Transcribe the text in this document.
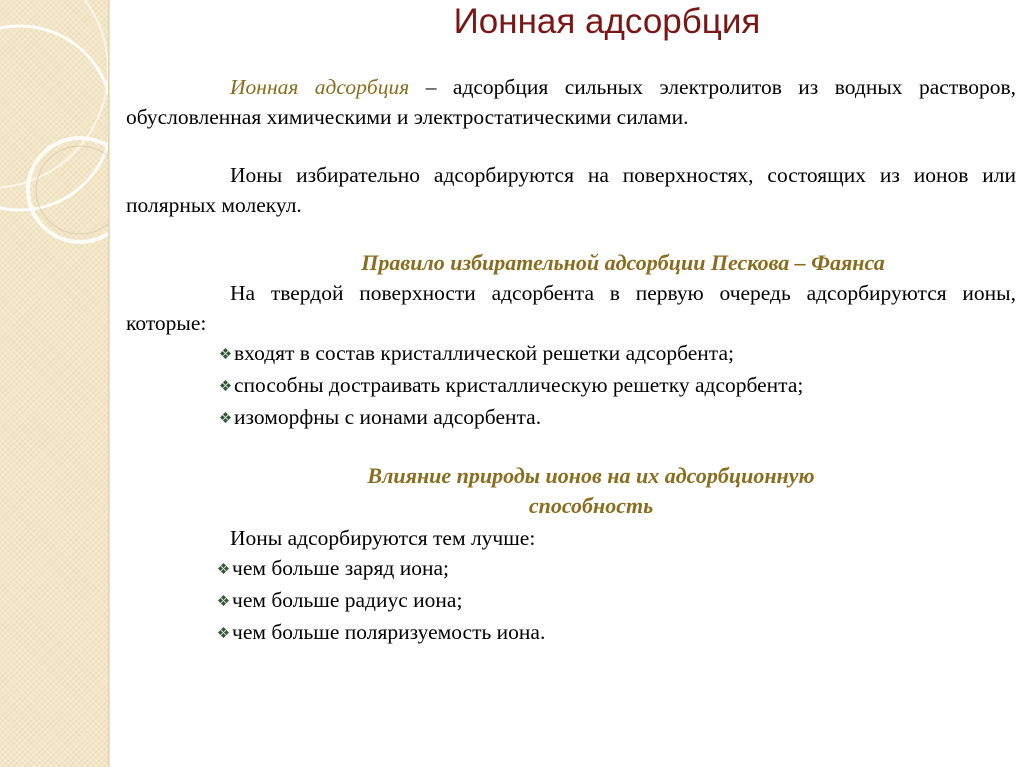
Ионная адсорбция

Ионная адсорбция – адсорбция сильных электролитов из водных растворов, обусловленная химическими и электростатическими силами.

Ионы избирательно адсорбируются на поверхностях, состоящих из ионов или полярных молекул.

Правило избирательной адсорбции Пескова – Фаянса

На твердой поверхности адсорбента в первую очередь адсорбируются ионы, которые:

❖входят в состав кристаллической решетки адсорбента;
❖способны достраивать кристаллическую решетку адсорбента;
❖изоморфны с ионами адсорбента.

Влияние природы ионов на их адсорбционную

способность

Ионы адсорбируются тем лучше:

❖чем больше заряд иона;
❖чем больше радиус иона;
❖чем больше поляризуемость иона.
